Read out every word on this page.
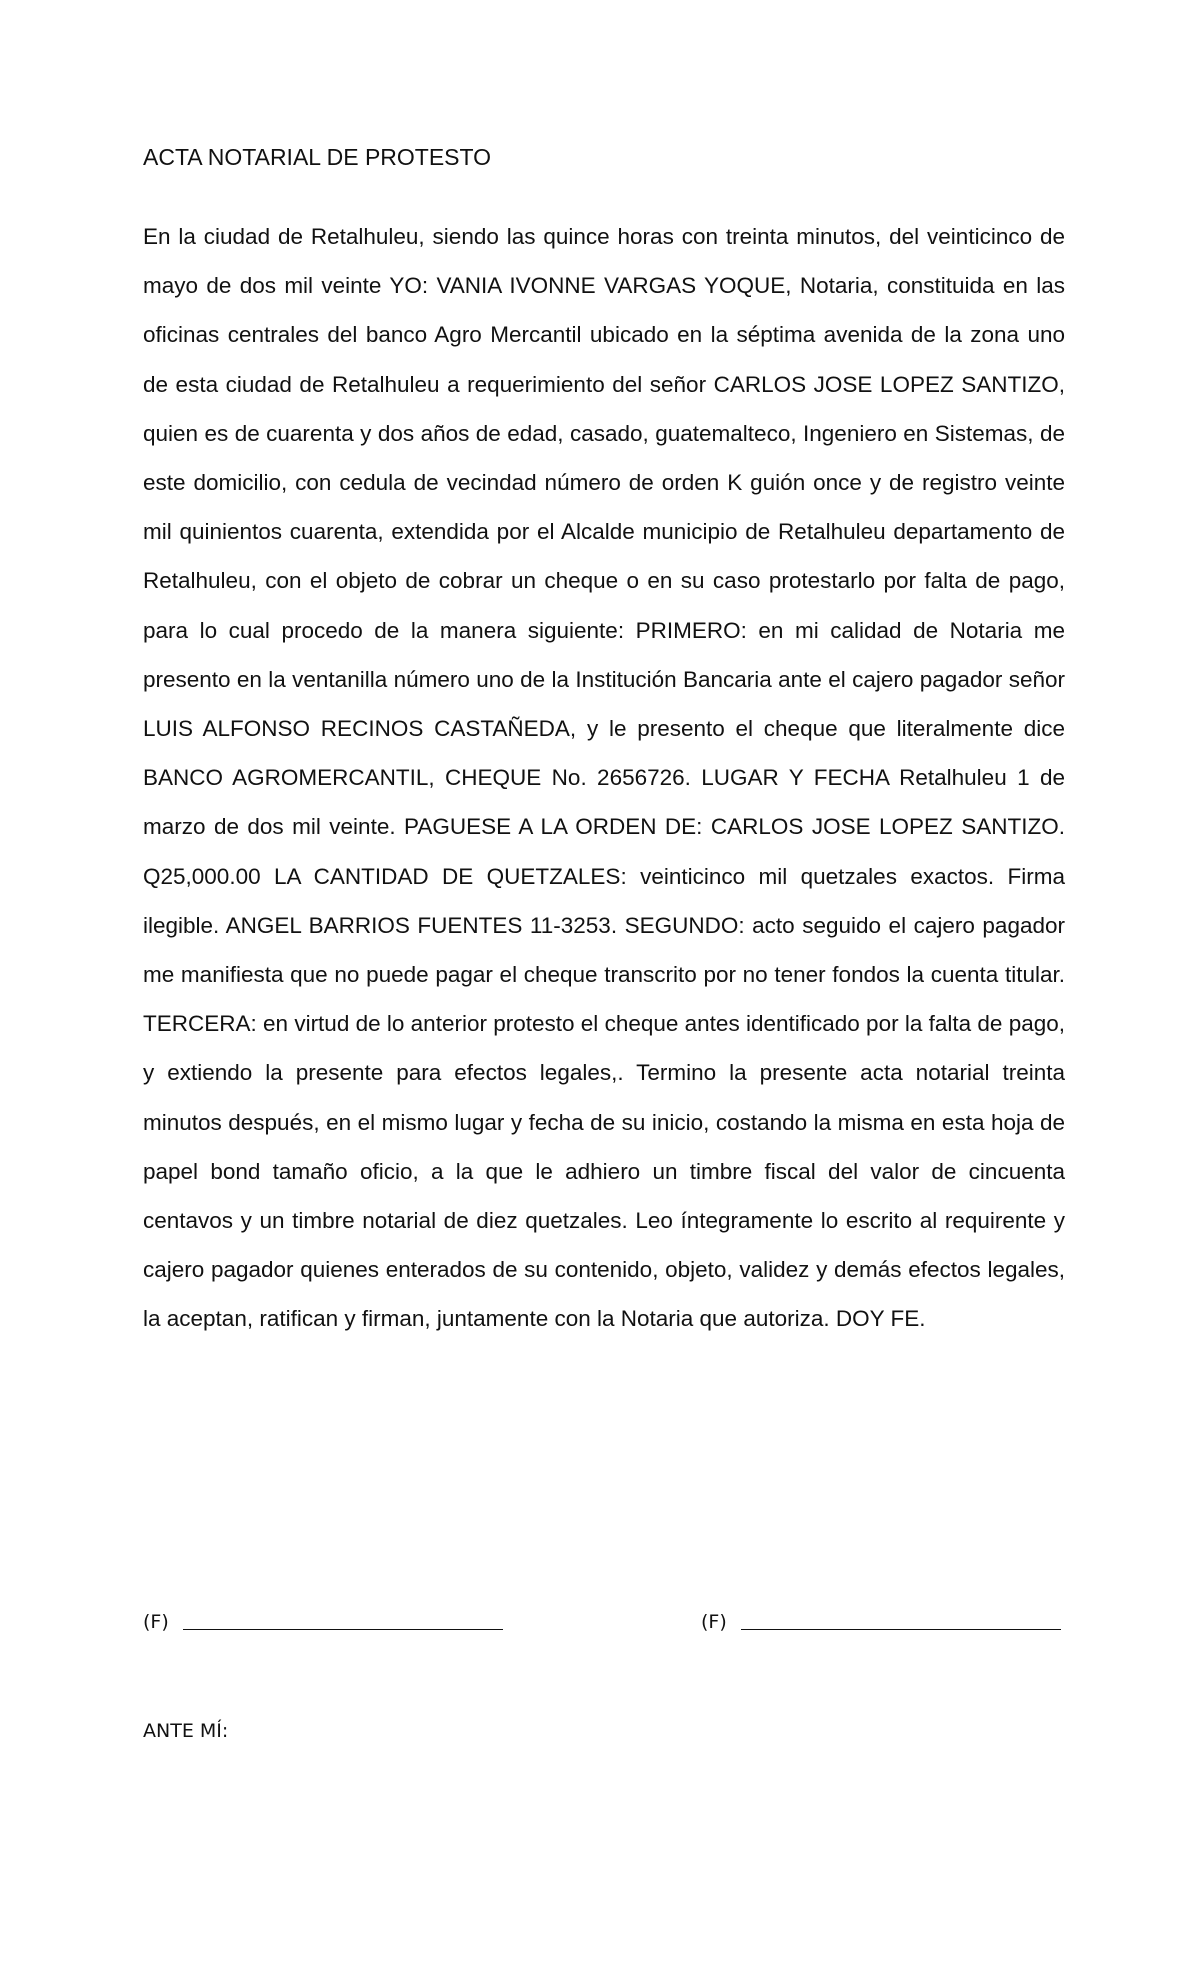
ACTA NOTARIAL DE PROTESTO

En la ciudad de Retalhuleu, siendo las quince horas con treinta minutos, del veinticinco de mayo de dos mil veinte YO: VANIA IVONNE VARGAS YOQUE, Notaria, constituida en las oficinas centrales del banco Agro Mercantil ubicado en la séptima avenida de la zona uno de esta ciudad de Retalhuleu a requerimiento del señor CARLOS JOSE LOPEZ SANTIZO, quien es de cuarenta y dos años de edad, casado, guatemalteco, Ingeniero en Sistemas, de este domicilio, con cedula de vecindad número de orden K guión once y de registro veinte mil quinientos cuarenta, extendida por el Alcalde municipio de Retalhuleu departamento de Retalhuleu, con el objeto de cobrar un cheque o en su caso protestarlo por falta de pago, para lo cual procedo de la manera siguiente: PRIMERO: en mi calidad de Notaria me presento en la ventanilla número uno de la Institución Bancaria ante el cajero pagador señor LUIS ALFONSO RECINOS CASTAÑEDA, y le presento el cheque que literalmente dice BANCO AGROMERCANTIL, CHEQUE No. 2656726. LUGAR Y FECHA Retalhuleu 1 de marzo de dos mil veinte. PAGUESE A LA ORDEN DE: CARLOS JOSE LOPEZ SANTIZO. Q25,000.00 LA CANTIDAD DE QUETZALES: veinticinco mil quetzales exactos. Firma ilegible. ANGEL BARRIOS FUENTES 11-3253. SEGUNDO: acto seguido el cajero pagador me manifiesta que no puede pagar el cheque transcrito por no tener fondos la cuenta titular. TERCERA: en virtud de lo anterior protesto el cheque antes identificado por la falta de pago, y extiendo la presente para efectos legales,. Termino la presente acta notarial treinta minutos después, en el mismo lugar y fecha de su inicio, costando la misma en esta hoja de papel bond tamaño oficio, a la que le adhiero un timbre fiscal del valor de cincuenta centavos y un timbre notarial de diez quetzales. Leo íntegramente lo escrito al requirente y cajero pagador quienes enterados de su contenido, objeto, validez y demás efectos legales, la aceptan, ratifican y firman, juntamente con la Notaria que autoriza. DOY FE.

(F)	(F)

ANTE MÍ:
